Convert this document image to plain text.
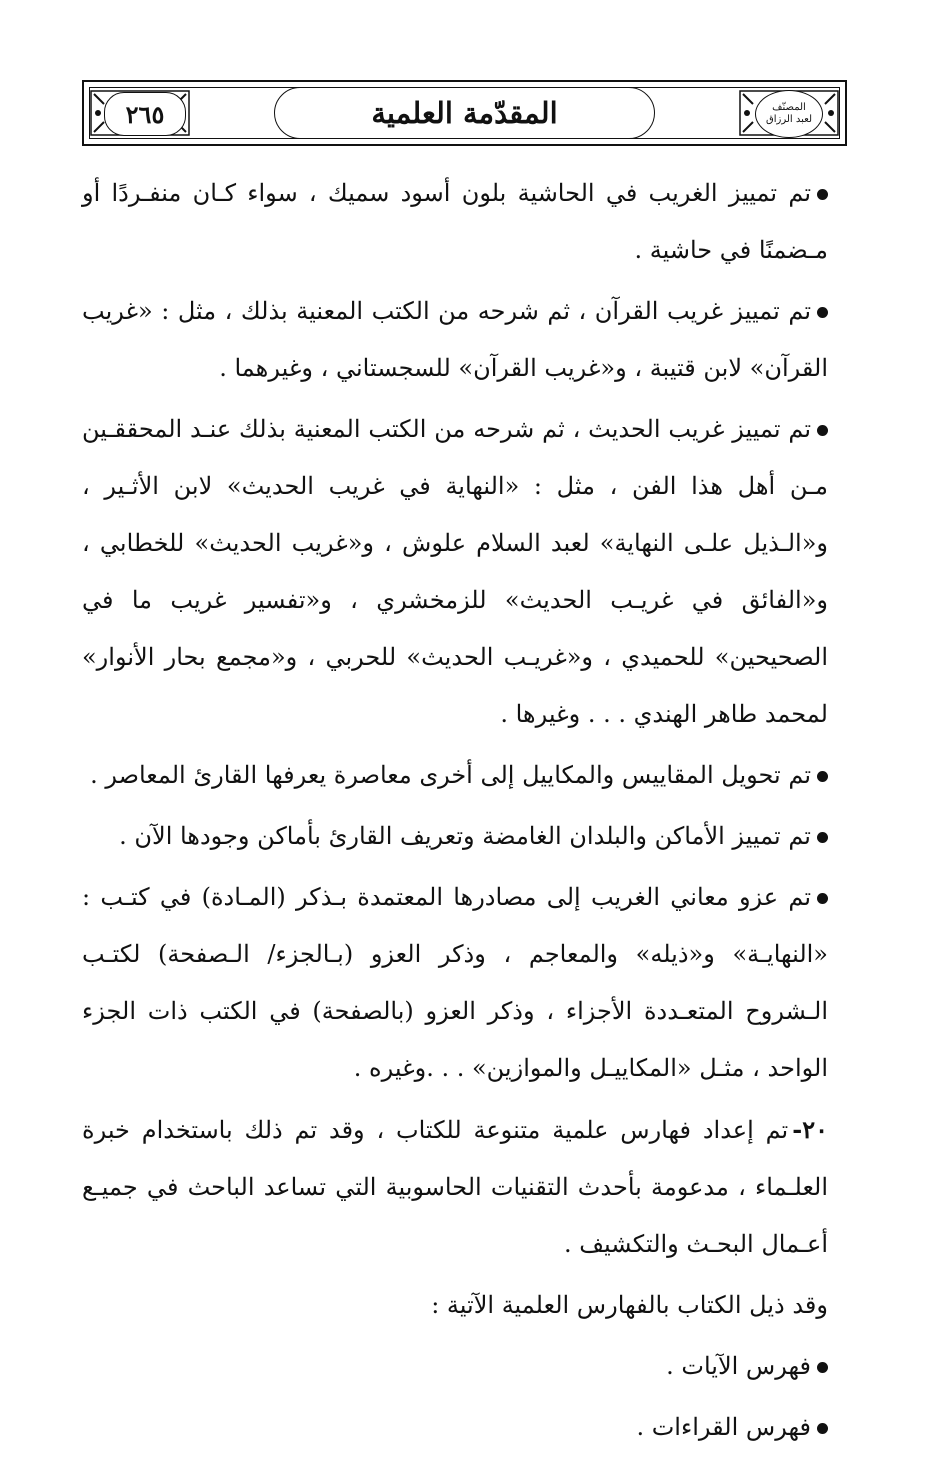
٢٦٥	المقدّمة العلمية	المصنّف
لعبد الرزاق

تم تمييز الغريب في الحاشية بلون أسود سميك ، سواء كـان منفـردًا أو مـضمنًا في حاشية .

تم تمييز غريب القرآن ، ثم شرحه من الكتب المعنية بذلك ، مثل : «غريب القرآن» لابن قتيبة ، و«غريب القرآن» للسجستاني ، وغيرهما .

تم تمييز غريب الحديث ، ثم شرحه من الكتب المعنية بذلك عنـد المحققـين مـن أهل هذا الفن ، مثل : «النهاية في غريب الحديث» لابن الأثـير ، و«الـذيل علـى النهاية» لعبد السلام علوش ، و«غريب الحديث» للخطابي ، و«الفائق في غريـب الحديث» للزمخشري ، و«تفسير غريب ما في الصحيحين» للحميدي ، و«غريـب الحديث» للحربي ، و«مجمع بحار الأنوار» لمحمد طاهر الهندي . . . وغيرها .

تم تحويل المقاييس والمكاييل إلى أخرى معاصرة يعرفها القارئ المعاصر .

تم تمييز الأماكن والبلدان الغامضة وتعريف القارئ بأماكن وجودها الآن .

تم عزو معاني الغريب إلى مصادرها المعتمدة بـذكر (المـادة) في كتـب : «النهايـة» و«ذيله» والمعاجم ، وذكر العزو (بـالجزء/ الـصفحة) لكتـب الـشروح المتعـددة الأجزاء ، وذكر العزو (بالصفحة) في الكتب ذات الجزء الواحد ، مثـل «المكاييـل والموازين» . . .وغيره .

٢٠-تم إعداد فهارس علمية متنوعة للكتاب ، وقد تم ذلك باستخدام خبرة العلـماء ، مدعومة بأحدث التقنيات الحاسوبية التي تساعد الباحث في جميـع أعـمال البحـث والتكشيف .

وقد ذيل الكتاب بالفهارس العلمية الآتية :

فهرس الآيات .

فهرس القراءات .
